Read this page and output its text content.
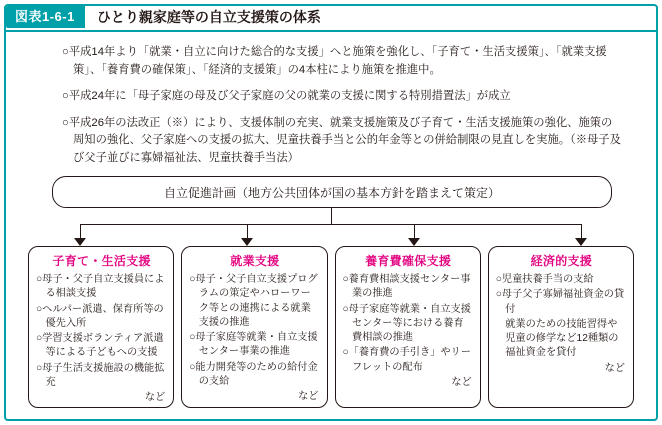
図表1-6-1	ひとり親家庭等の自立支援策の体系
○平成14年より「就業・自立に向けた総合的な支援」へと施策を強化し、「子育て・生活支援策」、「就業支援策」、「養育費の確保策」、「経済的支援策」の4本柱により施策を推進中。
○平成24年に「母子家庭の母及び父子家庭の父の就業の支援に関する特別措置法」が成立
○平成26年の法改正（※）により、支援体制の充実、就業支援施策及び子育て・生活支援施策の強化、施策の周知の強化、父子家庭への支援の拡大、児童扶養手当と公的年金等との併給制限の見直しを実施。（※母子及び父子並びに寡婦福祉法、児童扶養手当法）
自立促進計画（地方公共団体が国の基本方針を踏まえて策定）
子育て・生活支援
○母子・父子自立支援員による相談支援
○ヘルパー派遣、保育所等の優先入所
○学習支援ボランティア派遣等による子どもへの支援
○母子生活支援施設の機能拡充
など
就業支援
○母子・父子自立支援プログラムの策定やハローワーク等との連携による就業支援の推進
○母子家庭等就業・自立支援センター事業の推進
○能力開発等のための給付金の支給
など
養育費確保支援
○養育費相談支援センター事業の推進
○母子家庭等就業・自立支援センター等における養育費相談の推進
○「養育費の手引き」やリーフレットの配布
など
経済的支援
○児童扶養手当の支給
○母子父子寡婦福祉資金の貸付
就業のための技能習得や児童の修学など12種類の福祉資金を貸付
など
